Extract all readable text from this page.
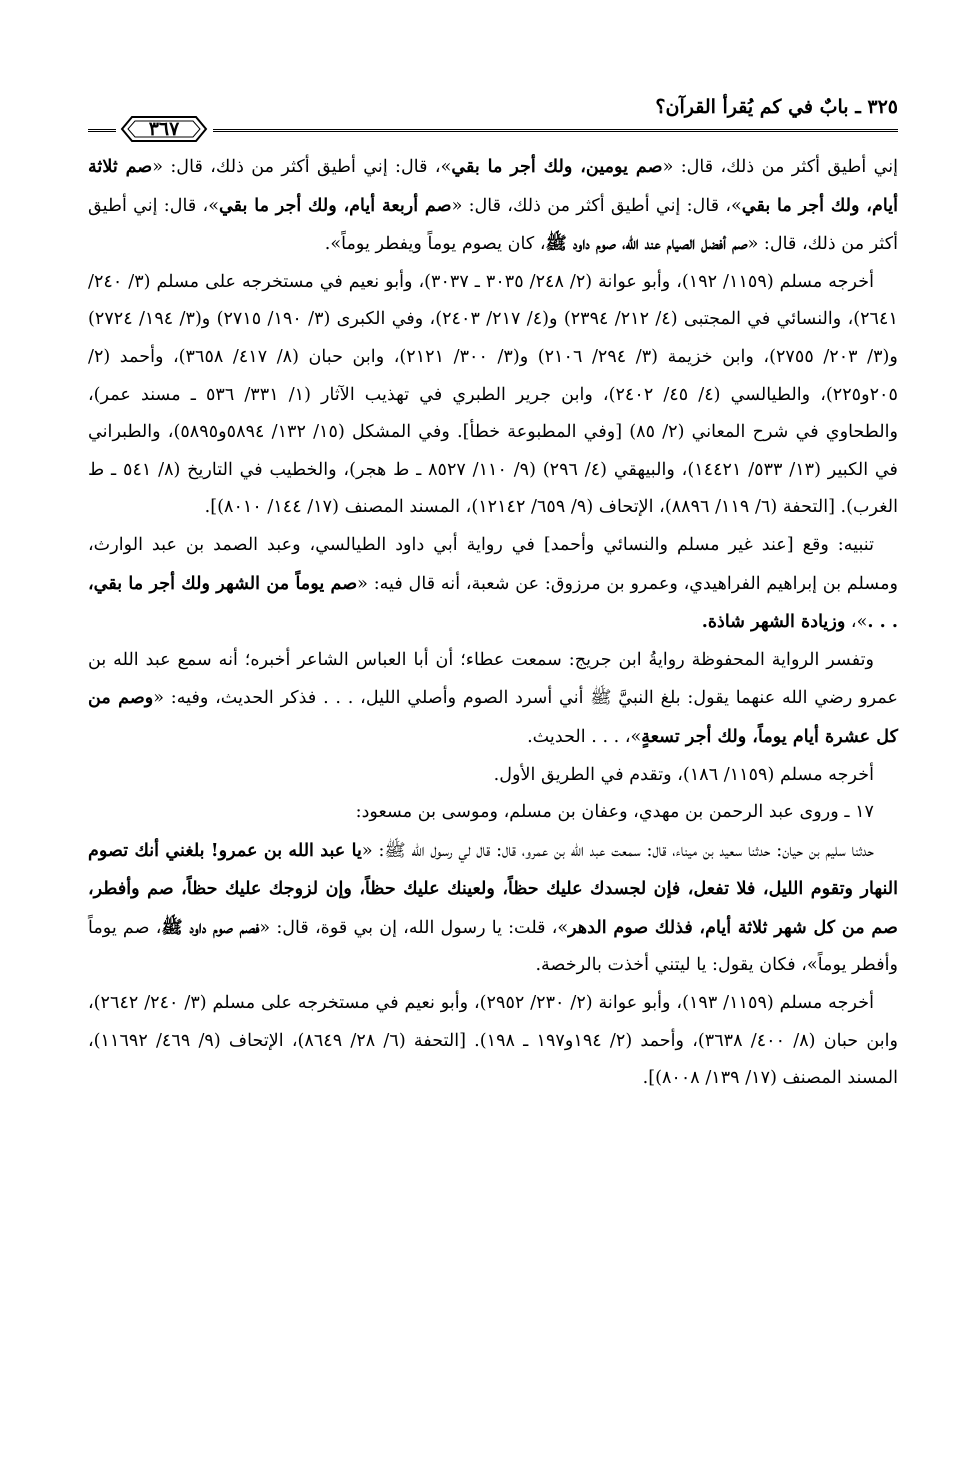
٣٢٥ ـ بابٌ في كم يُقرأ القرآن؟
٣٦٧

إني أطيق أكثر من ذلك، قال: «صم يومين، ولك أجر ما بقي»، قال: إني أطيق أكثر من ذلك، قال: «صم ثلاثة أيام، ولك أجر ما بقي»، قال: إني أطيق أكثر من ذلك، قال: «صم أربعة أيام، ولك أجر ما بقي»، قال: إني أطيق أكثر من ذلك، قال: «صم أفضل الصيام عند الله، صوم داود ﷺ، كان يصوم يوماً ويفطر يوماً».

أخرجه مسلم (١١٥٩/ ١٩٢)، وأبو عوانة (٢/ ٢٤٨/ ٣٠٣٥ ـ ٣٠٣٧)، وأبو نعيم في مستخرجه على مسلم (٣/ ٢٤٠/ ٢٦٤١)، والنسائي في المجتبى (٤/ ٢١٢/ ٢٣٩٤) و(٤/ ٢١٧/ ٢٤٠٣)، وفي الكبرى (٣/ ١٩٠/ ٢٧١٥) و(٣/ ١٩٤/ ٢٧٢٤) و(٣/ ٢٠٣/ ٢٧٥٥)، وابن خزيمة (٣/ ٢٩٤/ ٢١٠٦) و(٣/ ٣٠٠/ ٢١٢١)، وابن حبان (٨/ ٤١٧/ ٣٦٥٨)، وأحمد (٢/ ٢٠٥و٢٢٥)، والطيالسي (٤/ ٤٥/ ٢٤٠٢)، وابن جرير الطبري في تهذيب الآثار (١/ ٣٣١/ ٥٣٦ ـ مسند عمر)، والطحاوي في شرح المعاني (٢/ ٨٥) [وفي المطبوعة خطأ]. وفي المشكل (١٥/ ١٣٢/ ٥٨٩٤و٥٨٩٥)، والطبراني في الكبير (١٣/ ٥٣٣/ ١٤٤٢١)، والبيهقي (٤/ ٢٩٦) (٩/ ١١٠/ ٨٥٢٧ ـ ط هجر)، والخطيب في التاريخ (٨/ ٥٤١ ـ ط الغرب). [التحفة (٦/ ١١٩/ ٨٨٩٦)، الإتحاف (٩/ ٦٥٩/ ١٢١٤٢)، المسند المصنف (١٧/ ١٤٤/ ٨٠١٠)].

تنبيه: وقع [عند غير مسلم والنسائي وأحمد] في رواية أبي داود الطيالسي، وعبد الصمد بن عبد الوارث، ومسلم بن إبراهيم الفراهيدي، وعمرو بن مرزوق: عن شعبة، أنه قال فيه: «صم يوماً من الشهر ولك أجر ما بقي، . . .»، وزيادة الشهر شاذة.

وتفسر الرواية المحفوظة روايةُ ابن جريج: سمعت عطاء؛ أن أبا العباس الشاعر أخبره؛ أنه سمع عبد الله بن عمرو رضي الله عنهما يقول: بلغ النبيَّ ﷺ أني أسرد الصوم وأصلي الليل، . . . فذكر الحديث، وفيه: «وصم من كل عشرة أيام يوماً، ولك أجر تسعةٍ»، . . . الحديث.

أخرجه مسلم (١١٥٩/ ١٨٦)، وتقدم في الطريق الأول.

١٧ ـ وروى عبد الرحمن بن مهدي، وعفان بن مسلم، وموسى بن مسعود:

حدثنا سليم بن حيان: حدثنا سعيد بن ميناء، قال: سمعت عبد الله بن عمرو، قال: قال لي رسول الله ﷺ: «يا عبد الله بن عمرو! بلغني أنك تصوم النهار وتقوم الليل، فلا تفعل، فإن لجسدك عليك حظاً، ولعينك عليك حظاً، وإن لزوجك عليك حظاً، صم وأفطر، صم من كل شهر ثلاثة أيام، فذلك صوم الدهر»، قلت: يا رسول الله، إن بي قوة، قال: «فصم صوم داود ﷺ، صم يوماً وأفطر يوماً»، فكان يقول: يا ليتني أخذت بالرخصة.

أخرجه مسلم (١١٥٩/ ١٩٣)، وأبو عوانة (٢/ ٢٣٠/ ٢٩٥٢)، وأبو نعيم في مستخرجه على مسلم (٣/ ٢٤٠/ ٢٦٤٢)، وابن حبان (٨/ ٤٠٠/ ٣٦٣٨)، وأحمد (٢/ ١٩٤و١٩٧ ـ ١٩٨). [التحفة (٦/ ٢٨/ ٨٦٤٩)، الإتحاف (٩/ ٤٦٩/ ١١٦٩٢)، المسند المصنف (١٧/ ١٣٩/ ٨٠٠٨)].
